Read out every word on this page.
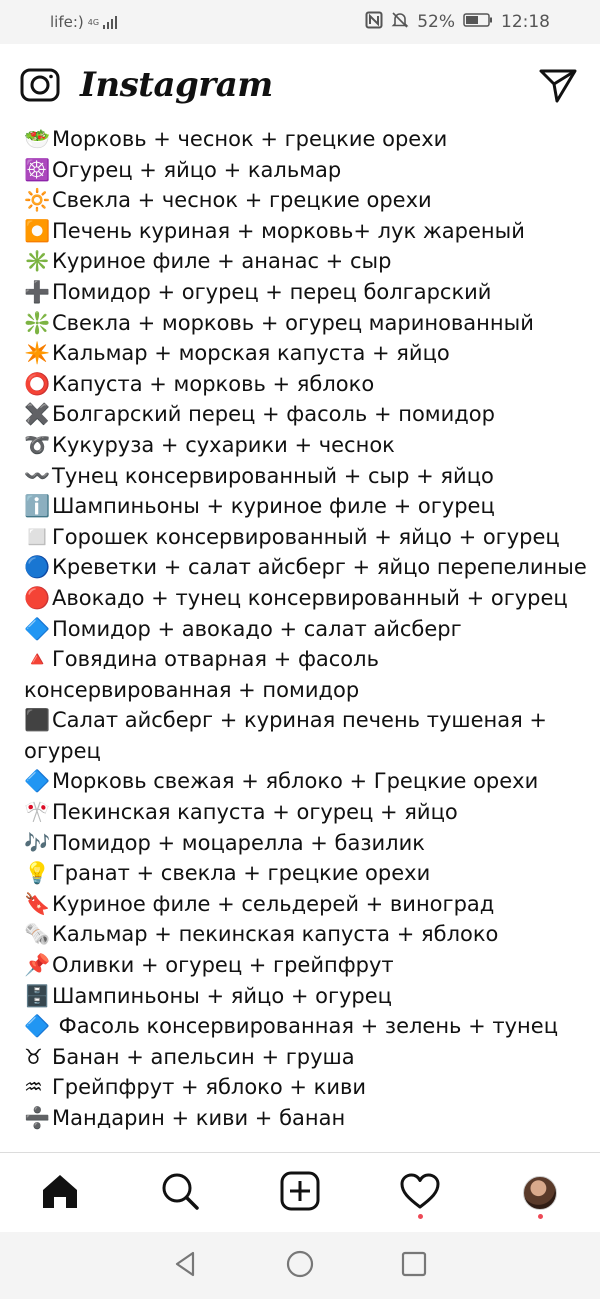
life:) 4G	52%	12:18
Instagram
🥗Морковь + чеснок + грецкие орехи
☸️Огурец + яйцо + кальмар
🔆Свекла + чеснок + грецкие орехи
⏺️Печень куриная + морковь+ лук жареный
✳️Куриное филе + ананас + сыр
➕Помидор + огурец + перец болгарский
❇️Свекла + морковь + огурец маринованный
✴️Кальмар + морская капуста + яйцо
⭕Капуста + морковь + яблоко
✖️Болгарский перец + фасоль + помидор
➰Кукуруза + сухарики + чеснок
〰️Тунец консервированный + сыр + яйцо
ℹ️Шампиньоны + куриное филе + огурец
◻️Горошек консервированный + яйцо + огурец
🔵Креветки + салат айсберг + яйцо перепелиные
🔴Авокадо + тунец консервированный + огурец
🔷Помидор + авокадо + салат айсберг
🔺Говядина отварная + фасоль консервированная + помидор
⬛Салат айсберг + куриная печень тушеная + огурец
🔷Морковь свежая + яблоко + Грецкие орехи
🎌Пекинская капуста + огурец + яйцо
🎶Помидор + моцарелла + базилик
💡Гранат + свекла + грецкие орехи
🔖Куриное филе + сельдерей + виноград
🗞️Кальмар + пекинская капуста + яблоко
📌Оливки + огурец + грейпфрут
🗄️Шампиньоны + яйцо + огурец
🔷 Фасоль консервированная + зелень + тунец
♉ Банан + апельсин + груша
♒ Грейпфрут + яблоко + киви
➗Мандарин + киви + банан
